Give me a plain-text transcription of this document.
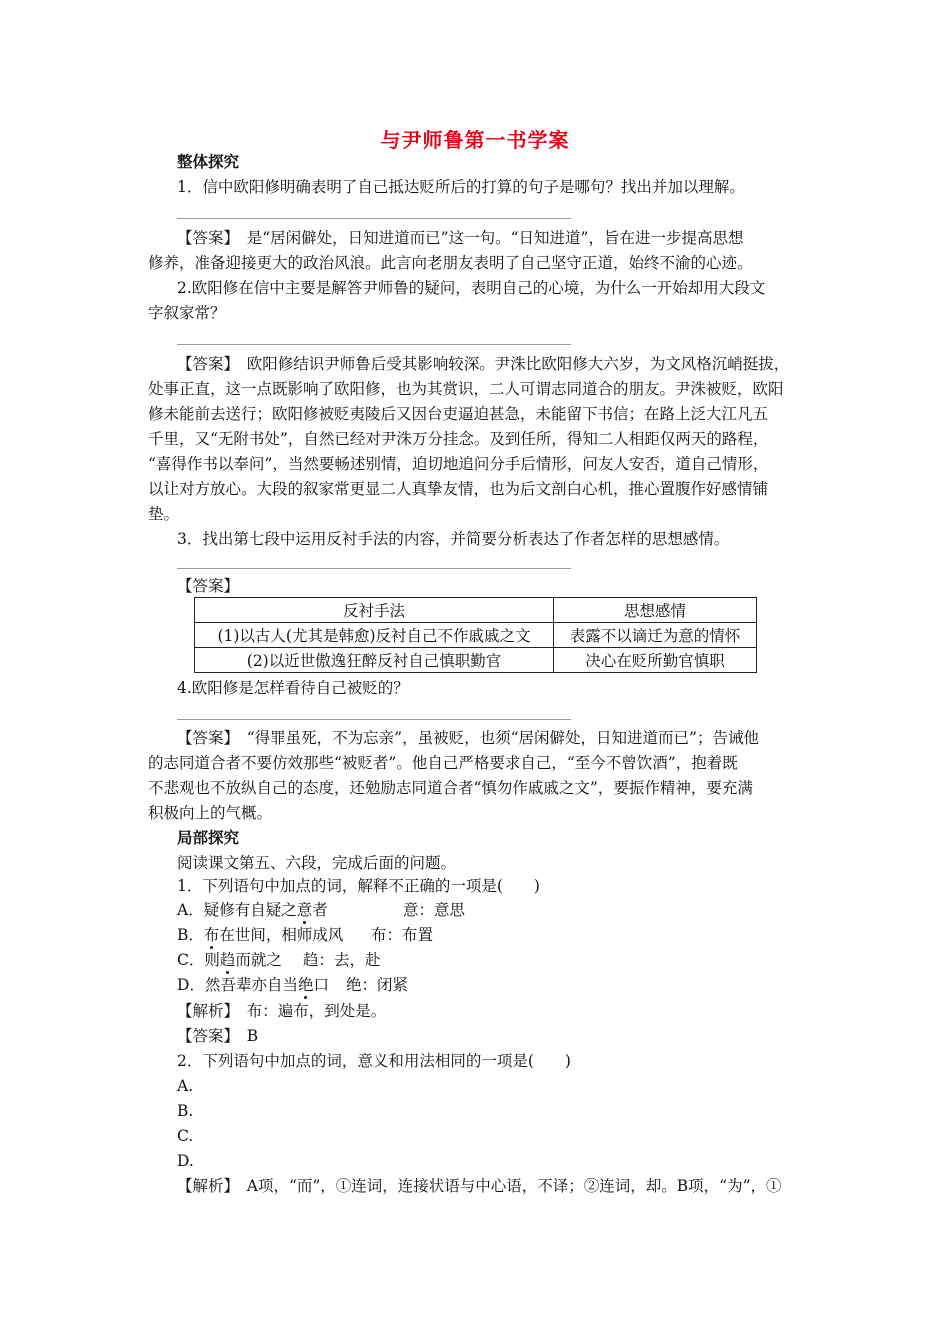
与尹师鲁第一书学案
整体探究
1．信中欧阳修明确表明了自己抵达贬所后的打算的句子是哪句？找出并加以理解。
【答案】　是“居闲僻处，日知进道而已”这一句。“日知进道”，旨在进一步提高思想
修养，准备迎接更大的政治风浪。此言向老朋友表明了自己坚守正道，始终不渝的心迹。
2.欧阳修在信中主要是解答尹师鲁的疑问，表明自己的心境，为什么一开始却用大段文
字叙家常？
【答案】　欧阳修结识尹师鲁后受其影响较深。尹洙比欧阳修大六岁，为文风格沉峭挺拔，
处事正直，这一点既影响了欧阳修，也为其赏识，二人可谓志同道合的朋友。尹洙被贬，欧阳
修未能前去送行；欧阳修被贬夷陵后又因台吏逼迫甚急，未能留下书信；在路上泛大江凡五
千里，又“无附书处”，自然已经对尹洙万分挂念。及到任所，得知二人相距仅两天的路程，
“喜得作书以奉问”，当然要畅述别情，迫切地追问分手后情形，问友人安否，道自己情形，
以让对方放心。大段的叙家常更显二人真挚友情，也为后文剖白心机，推心置腹作好感情铺
垫。
3．找出第七段中运用反衬手法的内容，并简要分析表达了作者怎样的思想感情。
【答案】
反衬手法	思想感情
(1)以古人(尤其是韩愈)反衬自己不作戚戚之文	表露不以谪迁为意的情怀
(2)以近世傲逸狂醉反衬自己慎职勤官	决心在贬所勤官慎职
4.欧阳修是怎样看待自己被贬的？
【答案】　“得罪虽死，不为忘亲”，虽被贬，也须“居闲僻处，日知进道而已”；告诫他
的志同道合者不要仿效那些“被贬者”。他自己严格要求自己，“至今不曾饮酒”，抱着既
不悲观也不放纵自己的态度，还勉励志同道合者“慎勿作戚戚之文”，要振作精神，要充满
积极向上的气概。
局部探究
阅读课文第五、六段，完成后面的问题。
1．下列语句中加点的词，解释不正确的一项是(　　)
A．疑修有自疑之意者	意：意思
B．布在世间，相师成风 布：布置
C．则趋而就之 趋：去，赴
D．然吾辈亦自当绝口 绝：闭紧
【解析】　布：遍布，到处是。
【答案】　B
2．下列语句中加点的词，意义和用法相同的一项是(　　)
A.
B.
C.
D.
【解析】　A项，“而”，①连词，连接状语与中心语，不译；②连词，却。B项，“为”，①
